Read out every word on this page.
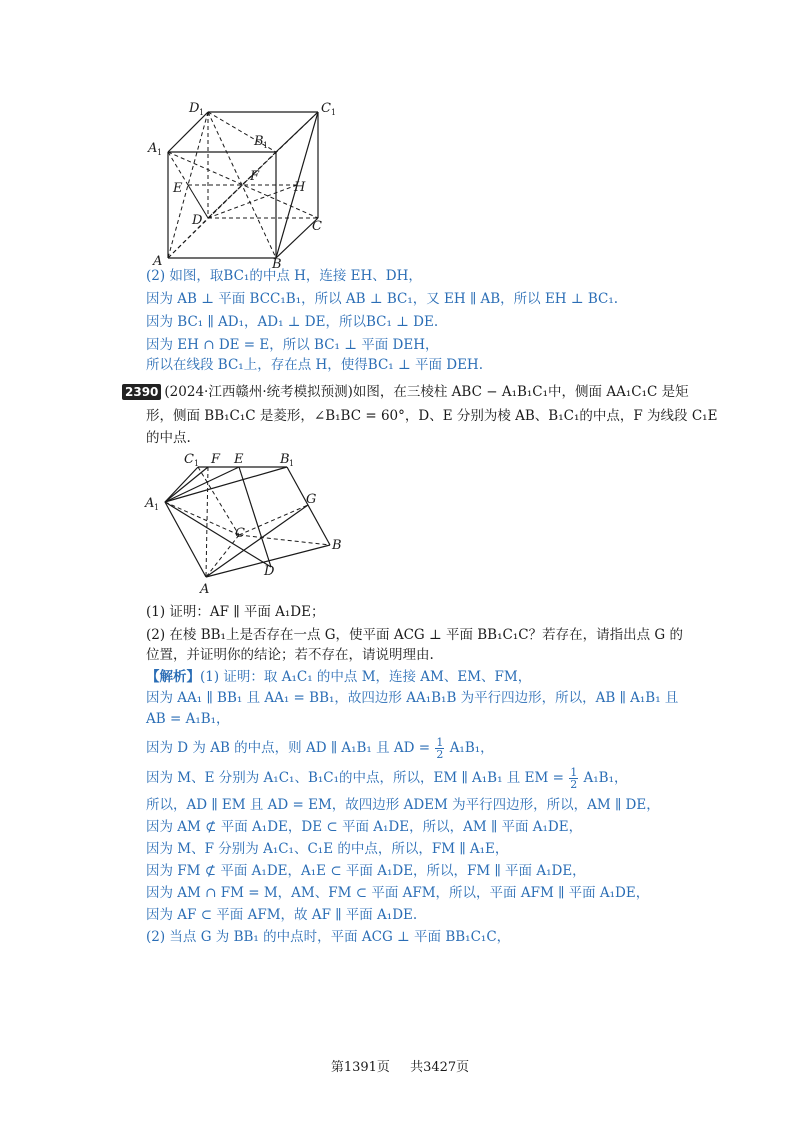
D 1	C 1
A 1
B 1
E
F
H
D	C
A	B
(2) 如图，取BC₁的中点 H，连接 EH、DH，
因为 AB ⊥ 平面 BCC₁B₁，所以 AB ⊥ BC₁，又 EH ∥ AB，所以 EH ⊥ BC₁.
因为 BC₁ ∥ AD₁，AD₁ ⊥ DE，所以BC₁ ⊥ DE.
因为 EH ∩ DE = E，所以 BC₁ ⊥ 平面 DEH，
所以在线段 BC₁上，存在点 H，使得BC₁ ⊥ 平面 DEH.
2390 (2024·江西赣州·统考模拟预测)如图，在三棱柱 ABC − A₁B₁C₁中，侧面 AA₁C₁C 是矩
形，侧面 BB₁C₁C 是菱形，∠B₁BC = 60°，D、E 分别为棱 AB、B₁C₁的中点，F 为线段 C₁E
的中点.
C 1 F E	B 1
A 1
G
C
B
A
D
(1) 证明：AF ∥ 平面 A₁DE；
(2) 在棱 BB₁上是否存在一点 G，使平面 ACG ⊥ 平面 BB₁C₁C？若存在，请指出点 G 的
位置，并证明你的结论；若不存在，请说明理由.
【解析】(1) 证明：取 A₁C₁ 的中点 M，连接 AM、EM、FM，
因为 AA₁ ∥ BB₁ 且 AA₁ = BB₁，故四边形 AA₁B₁B 为平行四边形，所以，AB ∥ A₁B₁ 且
AB = A₁B₁，
因为 D 为 AB 的中点，则 AD ∥ A₁B₁ 且 AD = $\frac{1}{2} A_1B_1$，
因为 M、E 分别为 A₁C₁、B₁C₁的中点，所以，EM ∥ A₁B₁ 且 EM = $\frac{1}{2} A_1B_1$，
所以，AD ∥ EM 且 AD = EM，故四边形 ADEM 为平行四边形，所以，AM ∥ DE，
因为 AM ⊄ 平面 A₁DE，DE ⊂ 平面 A₁DE，所以，AM ∥ 平面 A₁DE，
因为 M、F 分别为 A₁C₁、C₁E 的中点，所以，FM ∥ A₁E，
因为 FM ⊄ 平面 A₁DE，A₁E ⊂ 平面 A₁DE，所以，FM ∥ 平面 A₁DE，
因为 AM ∩ FM = M，AM、FM ⊂ 平面 AFM，所以，平面 AFM ∥ 平面 A₁DE，
因为 AF ⊂ 平面 AFM，故 AF ∥ 平面 A₁DE.
(2) 当点 G 为 BB₁ 的中点时，平面 ACG ⊥ 平面 BB₁C₁C，
第1391页 共3427页
